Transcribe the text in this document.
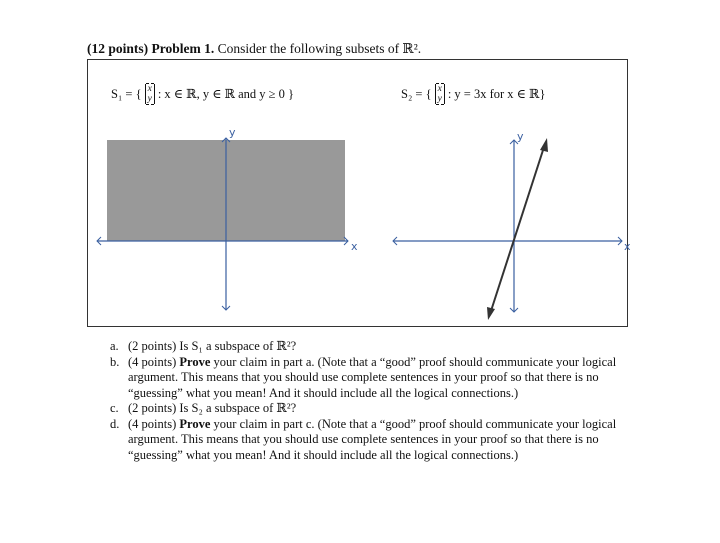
(12 points) Problem 1. Consider the following subsets of ℝ².
S₁ = { x
y : x ∈ ℝ, y ∈ ℝ and y ≥ 0 }	S₂ = { x
y : y = 3x for x ∈ ℝ}
x
y
x
y
a. (2 points) Is S₁ a subspace of ℝ²?
b. (4 points) Prove your claim in part a. (Note that a “good” proof should communicate your logical argument. This means that you should use complete sentences in your proof so that there is no “guessing” what you mean! And it should include all the logical connections.)
c. (2 points) Is S₂ a subspace of ℝ²?
d. (4 points) Prove your claim in part c. (Note that a “good” proof should communicate your logical argument. This means that you should use complete sentences in your proof so that there is no “guessing” what you mean! And it should include all the logical connections.)
